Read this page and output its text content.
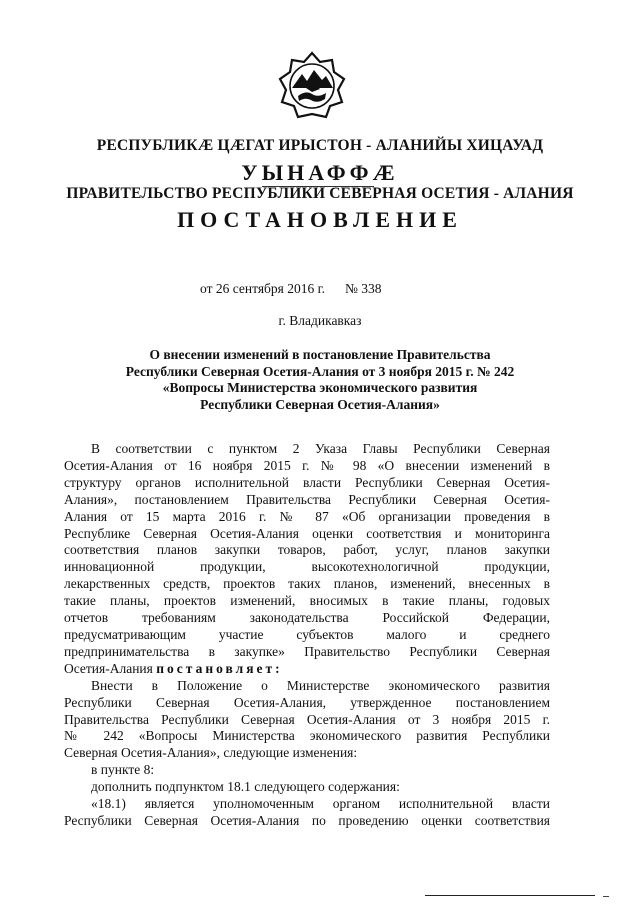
РЕСПУБЛИКӔ ЦӔГАТ ИРЫСТОН - АЛАНИЙЫ ХИЦАУАД
УЫНАФФӔ
ПРАВИТЕЛЬСТВО РЕСПУБЛИКИ СЕВЕРНАЯ ОСЕТИЯ - АЛАНИЯ
ПОСТАНОВЛЕНИЕ
от 26 сентября 2016 г. № 338
г. Владикавказ
О внесении изменений в постановление Правительства
Республики Северная Осетия-Алания от 3 ноября 2015 г. № 242
«Вопросы Министерства экономического развития
Республики Северная Осетия-Алания»

В соответствии с пунктом 2 Указа Главы Республики Северная

Осетия-Алания от 16 ноября 2015 г. № 98 «О внесении изменений в

структуру органов исполнительной власти Республики Северная Осетия-

Алания», постановлением Правительства Республики Северная Осетия-

Алания от 15 марта 2016 г. № 87 «Об организации проведения в

Республике Северная Осетия-Алания оценки соответствия и мониторинга

соответствия планов закупки товаров, работ, услуг, планов закупки

инновационной продукции, высокотехнологичной продукции,

лекарственных средств, проектов таких планов, изменений, внесенных в

такие планы, проектов изменений, вносимых в такие планы, годовых

отчетов требованиям законодательства Российской Федерации,

предусматривающим участие субъектов малого и среднего

предпринимательства в закупке» Правительство Республики Северная

Осетия-Алания постановляет:

Внести в Положение о Министерстве экономического развития

Республики Северная Осетия-Алания, утвержденное постановлением

Правительства Республики Северная Осетия-Алания от 3 ноября 2015 г.

№ 242 «Вопросы Министерства экономического развития Республики

Северная Осетия-Алания», следующие изменения:

в пункте 8:

дополнить подпунктом 18.1 следующего содержания:

«18.1) является уполномоченным органом исполнительной власти

Республики Северная Осетия-Алания по проведению оценки соответствия
